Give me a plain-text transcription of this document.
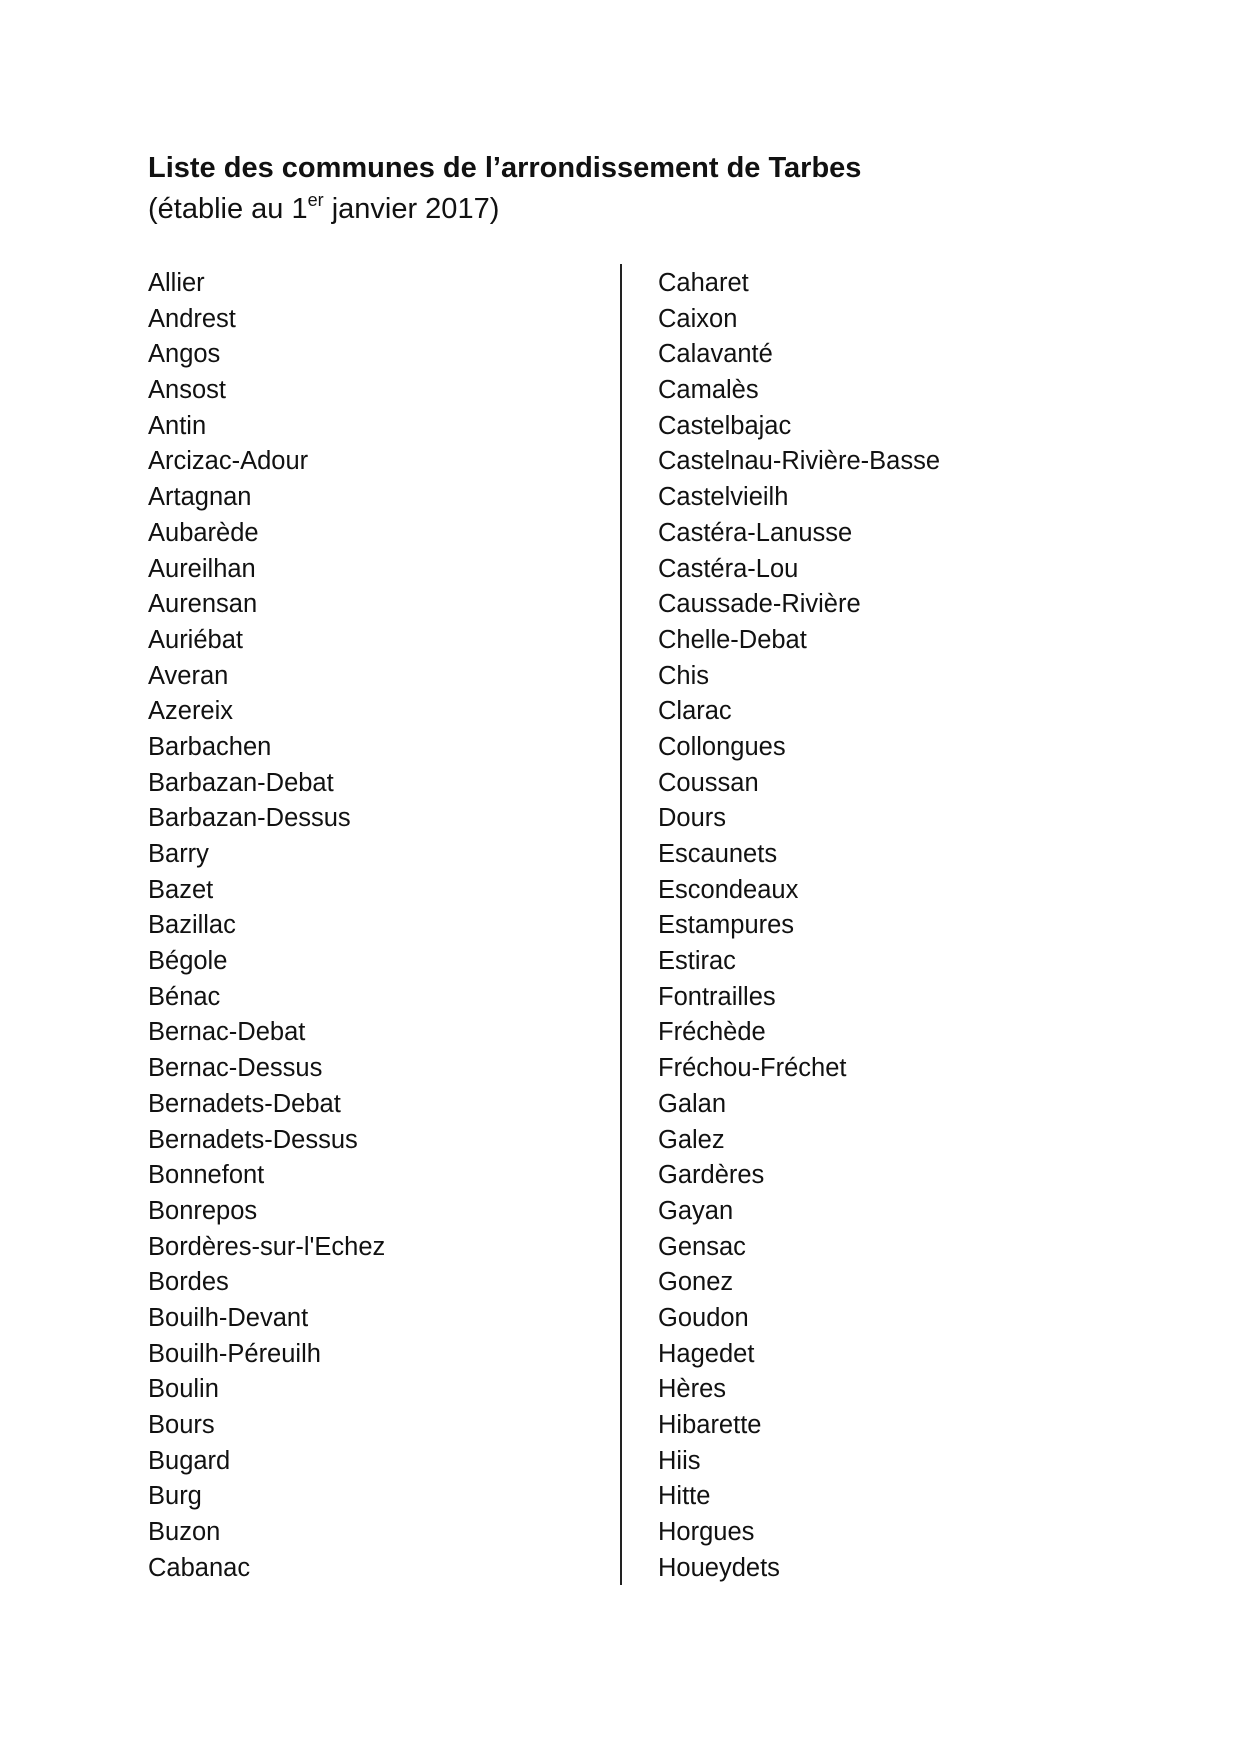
Liste des communes de l’arrondissement de Tarbes
(établie au 1er janvier 2017)
Allier
Andrest
Angos
Ansost
Antin
Arcizac-Adour
Artagnan
Aubarède
Aureilhan
Aurensan
Auriébat
Averan
Azereix
Barbachen
Barbazan-Debat
Barbazan-Dessus
Barry
Bazet
Bazillac
Bégole
Bénac
Bernac-Debat
Bernac-Dessus
Bernadets-Debat
Bernadets-Dessus
Bonnefont
Bonrepos
Bordères-sur-l'Echez
Bordes
Bouilh-Devant
Bouilh-Péreuilh
Boulin
Bours
Bugard
Burg
Buzon
Cabanac
Caharet
Caixon
Calavanté
Camalès
Castelbajac
Castelnau-Rivière-Basse
Castelvieilh
Castéra-Lanusse
Castéra-Lou
Caussade-Rivière
Chelle-Debat
Chis
Clarac
Collongues
Coussan
Dours
Escaunets
Escondeaux
Estampures
Estirac
Fontrailles
Fréchède
Fréchou-Fréchet
Galan
Galez
Gardères
Gayan
Gensac
Gonez
Goudon
Hagedet
Hères
Hibarette
Hiis
Hitte
Horgues
Houeydets
